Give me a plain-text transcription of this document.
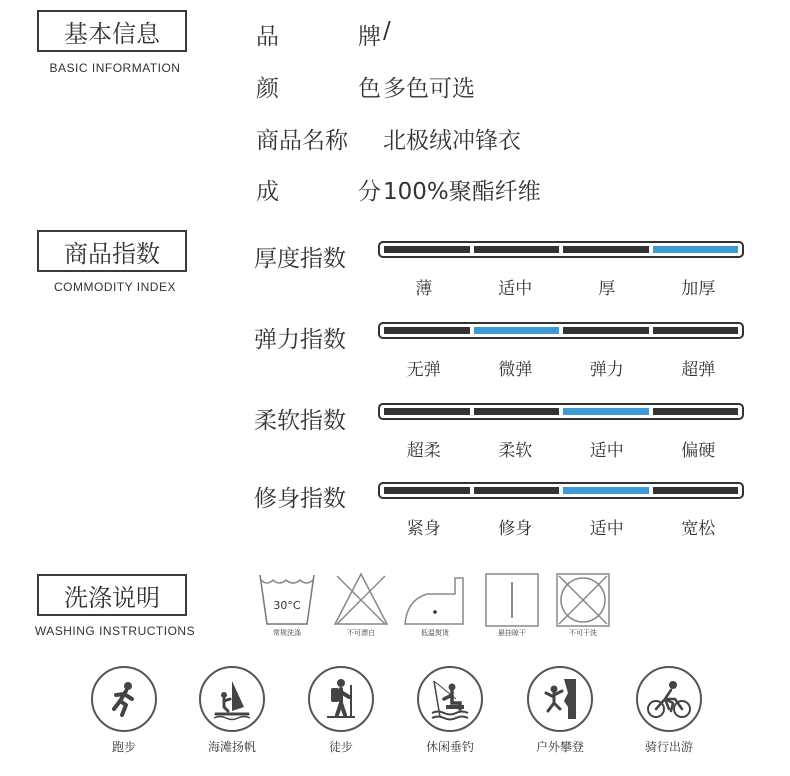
基本信息
BASIC INFORMATION
品	牌 /
颜	色 多色可选
商品名称 北极绒冲锋衣
成	分 100%聚酯纤维
商品指数
COMMODITY INDEX
厚度指数
薄	适中	厚	加厚
弹力指数
无弹	微弹	弹力	超弹
柔软指数
超柔	柔软	适中	偏硬
修身指数
紧身	修身	适中	宽松
洗涤说明
WASHING INSTRUCTIONS
30°C
常规洗涤	不可漂白	低温熨烫	悬挂晾干	不可干洗
跑步	海滩扬帆	徒步	休闲垂钓	户外攀登	骑行出游
